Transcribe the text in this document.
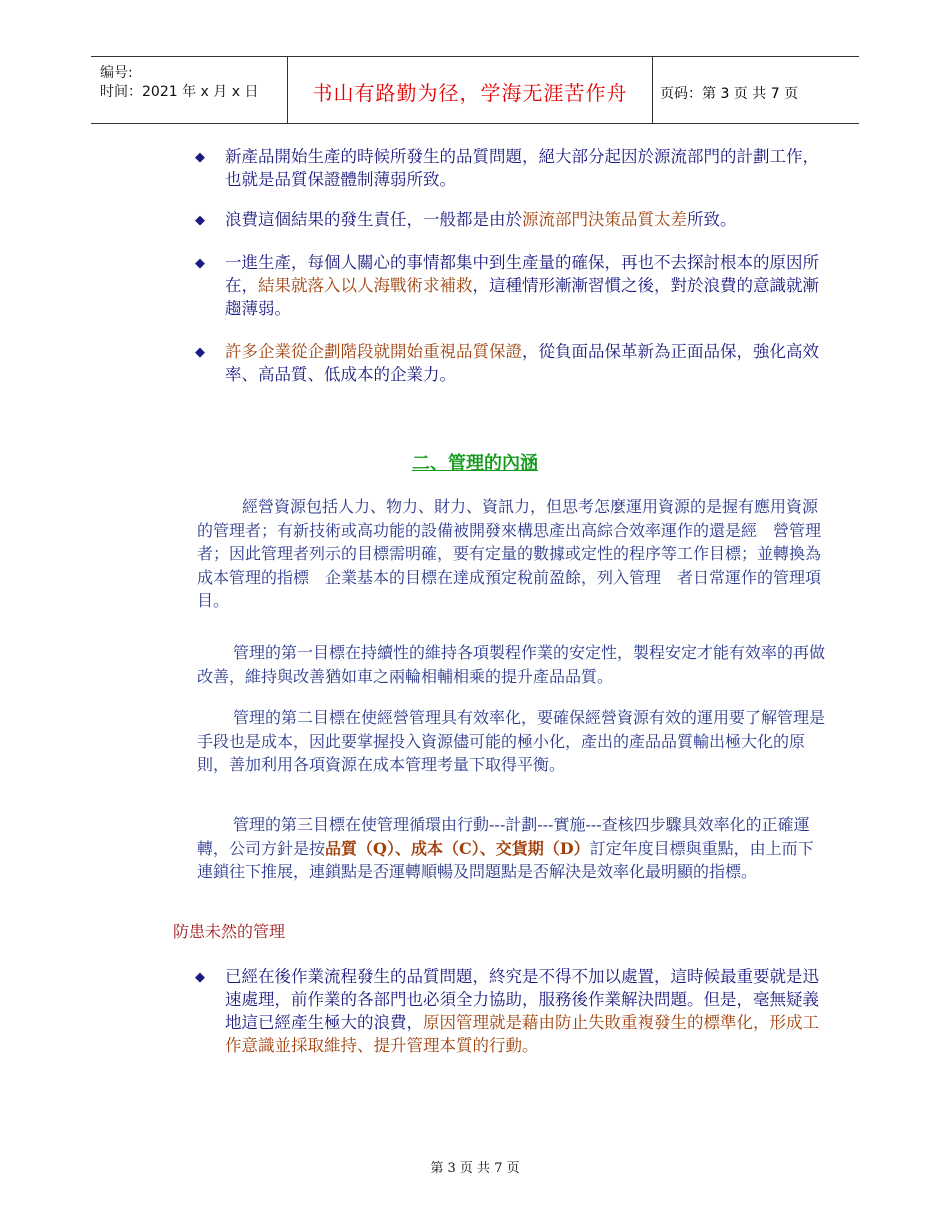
编号:
时间：2021 年 x 月 x 日	书山有路勤为径，学海无涯苦作舟	页码：第 3 页 共 7 页
◆ 新產品開始生產的時候所發生的品質問題，絕大部分起因於源流部門的計劃工作，也就是品質保證體制薄弱所致。
◆ 浪費這個結果的發生責任，一般都是由於源流部門決策品質太差所致。
◆ 一進生產，每個人關心的事情都集中到生產量的確保，再也不去探討根本的原因所在，結果就落入以人海戰術求補救，這種情形漸漸習慣之後，對於浪費的意識就漸趨薄弱。
◆ 許多企業從企劃階段就開始重視品質保證，從負面品保革新為正面品保，強化高效率、高品質、低成本的企業力。
二、管理的內涵
經營資源包括人力、物力、財力、資訊力，但思考怎麼運用資源的是握有應用資源的管理者；有新技術或高功能的設備被開發來構思產出高綜合效率運作的還是經　營管理者；因此管理者列示的目標需明確，要有定量的數據或定性的程序等工作目標；並轉換為成本管理的指標　企業基本的目標在達成預定稅前盈餘，列入管理　者日常運作的管理項目。
管理的第一目標在持續性的維持各項製程作業的安定性，製程安定才能有效率的再做改善，維持與改善猶如車之兩輪相輔相乘的提升產品品質。
管理的第二目標在使經營管理具有效率化，要確保經營資源有效的運用要了解管理是手段也是成本，因此要掌握投入資源儘可能的極小化，產出的產品品質輸出極大化的原則，善加利用各項資源在成本管理考量下取得平衡。
管理的第三目標在使管理循環由行動---計劃---實施---查核四步驟具效率化的正確運轉，公司方針是按品質（Q）、成本（C）、交貨期（D）訂定年度目標與重點，由上而下連鎖往下推展，連鎖點是否運轉順暢及問題點是否解決是效率化最明顯的指標。
防患未然的管理
◆ 已經在後作業流程發生的品質問題，終究是不得不加以處置，這時候最重要就是迅速處理，前作業的各部門也必須全力協助，服務後作業解決問題。但是，毫無疑義地這已經產生極大的浪費，原因管理就是藉由防止失敗重複發生的標準化，形成工作意識並採取維持、提升管理本質的行動。
第 3 页 共 7 页
